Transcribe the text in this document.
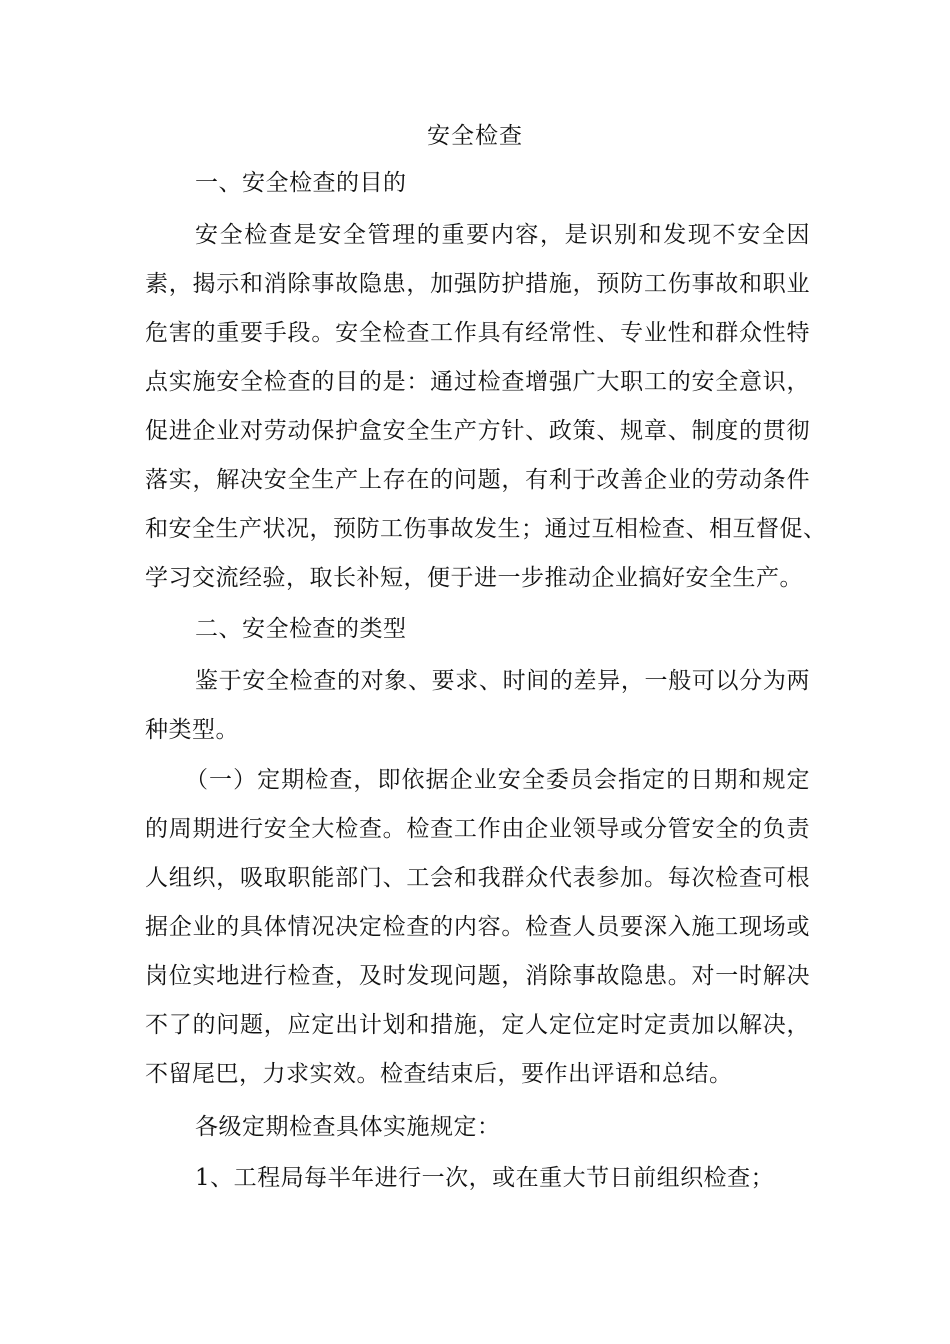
安全检查
一、安全检查的目的
安全检查是安全管理的重要内容，是识别和发现不安全因
素，揭示和消除事故隐患，加强防护措施，预防工伤事故和职业
危害的重要手段。安全检查工作具有经常性、专业性和群众性特
点实施安全检查的目的是：通过检查增强广大职工的安全意识，
促进企业对劳动保护盒安全生产方针、政策、规章、制度的贯彻
落实，解决安全生产上存在的问题，有利于改善企业的劳动条件
和安全生产状况，预防工伤事故发生；通过互相检查、相互督促、
学习交流经验，取长补短，便于进一步推动企业搞好安全生产。
二、安全检查的类型
鉴于安全检查的对象、要求、时间的差异，一般可以分为两
种类型。
（一）定期检查，即依据企业安全委员会指定的日期和规定
的周期进行安全大检查。检查工作由企业领导或分管安全的负责
人组织，吸取职能部门、工会和我群众代表参加。每次检查可根
据企业的具体情况决定检查的内容。检查人员要深入施工现场或
岗位实地进行检查，及时发现问题，消除事故隐患。对一时解决
不了的问题，应定出计划和措施，定人定位定时定责加以解决，
不留尾巴，力求实效。检查结束后，要作出评语和总结。
各级定期检查具体实施规定：
1、工程局每半年进行一次，或在重大节日前组织检查；
